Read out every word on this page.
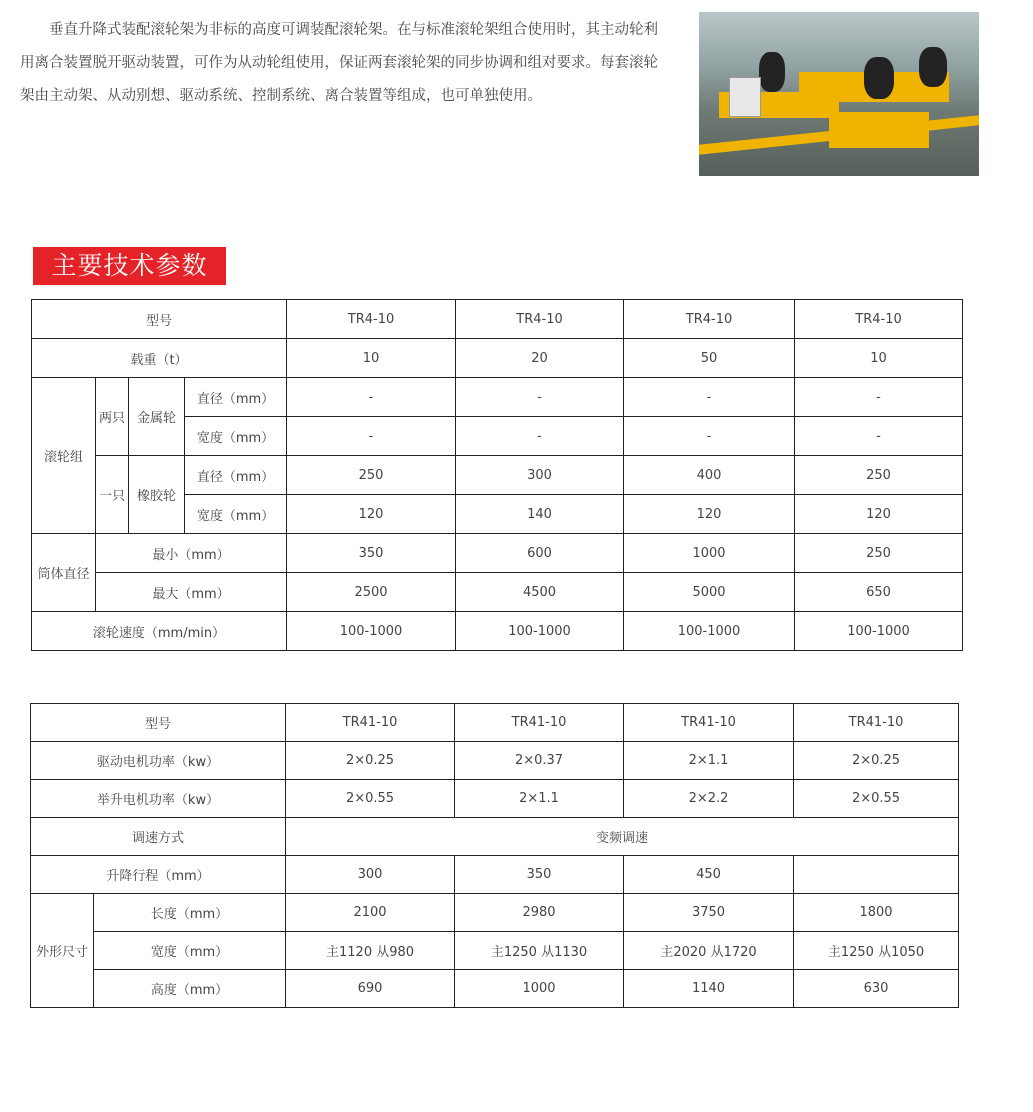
垂直升降式装配滚轮架为非标的高度可调装配滚轮架。在与标准滚轮架组合使用时，其主动轮利用离合装置脱开驱动装置，可作为从动轮组使用，保证两套滚轮架的同步协调和组对要求。每套滚轮架由主动架、从动别想、驱动系统、控制系统、离合装置等组成，也可单独使用。

主要技术参数
型号				TR4-10	TR4-10	TR4-10	TR4-10
载重（t）				10	20	50	10
滚轮组	两只	金属轮	直径（mm）	-	-	-	-
			宽度（mm）	-	-	-	-
	一只	橡胶轮	直径（mm）	250	300	400	250
			宽度（mm）	120	140	120	120
筒体直径	最小（mm）			350	600	1000	250
	最大（mm）			2500	4500	5000	650
滚轮速度（mm/min）				100-1000	100-1000	100-1000	100-1000
型号		TR41-10	TR41-10	TR41-10	TR41-10
驱动电机功率（kw）		2×0.25	2×0.37	2×1.1	2×0.25
举升电机功率（kw）		2×0.55	2×1.1	2×2.2	2×0.55
调速方式		变频调速			
升降行程（mm）		300	350	450	
外形尺寸	长度（mm）	2100	2980	3750	1800
	宽度（mm）	主1120 从980	主1250 从1130	主2020 从1720	主1250 从1050
	高度（mm）	690	1000	1140	630
